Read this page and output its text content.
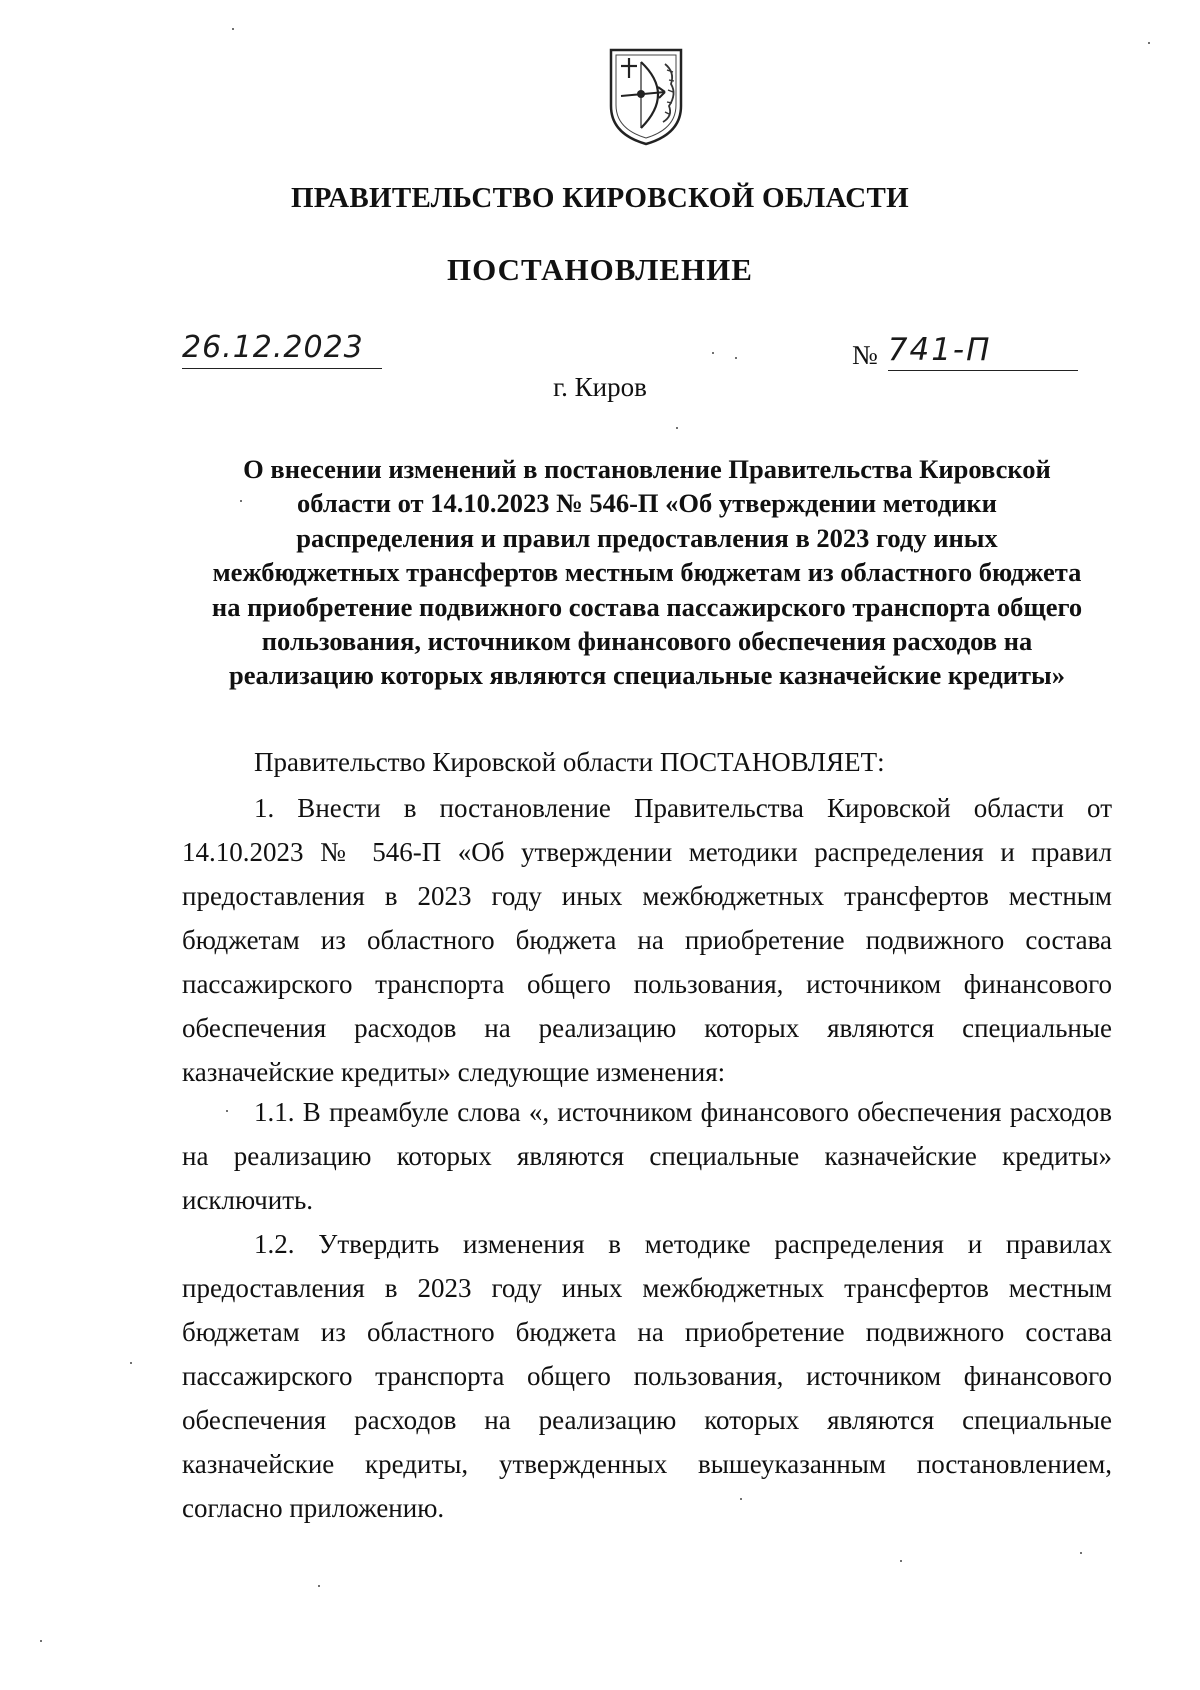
ПРАВИТЕЛЬСТВО КИРОВСКОЙ ОБЛАСТИ
ПОСТАНОВЛЕНИЕ
26.12.2023	№ 741-П
г. Киров
О внесении изменений в постановление Правительства Кировской
области от 14.10.2023 № 546-П «Об утверждении методики
распределения и правил предоставления в 2023 году иных
межбюджетных трансфертов местным бюджетам из областного бюджета
на приобретение подвижного состава пассажирского транспорта общего
пользования, источником финансового обеспечения расходов на
реализацию которых являются специальные казначейские кредиты»
Правительство Кировской области ПОСТАНОВЛЯЕТ:
1. Внести в постановление Правительства Кировской области от 14.10.2023 № 546-П «Об утверждении методики распределения и правил предоставления в 2023 году иных межбюджетных трансфертов местным бюджетам из областного бюджета на приобретение подвижного состава пассажирского транспорта общего пользования, источником финансового обеспечения расходов на реализацию которых являются специальные казначейские кредиты» следующие изменения:
1.1. В преамбуле слова «, источником финансового обеспечения расходов на реализацию которых являются специальные казначейские кредиты» исключить.
1.2. Утвердить изменения в методике распределения и правилах предоставления в 2023 году иных межбюджетных трансфертов местным бюджетам из областного бюджета на приобретение подвижного состава пассажирского транспорта общего пользования, источником финансового обеспечения расходов на реализацию которых являются специальные казначейские кредиты, утвержденных вышеуказанным постановлением, согласно приложению.
